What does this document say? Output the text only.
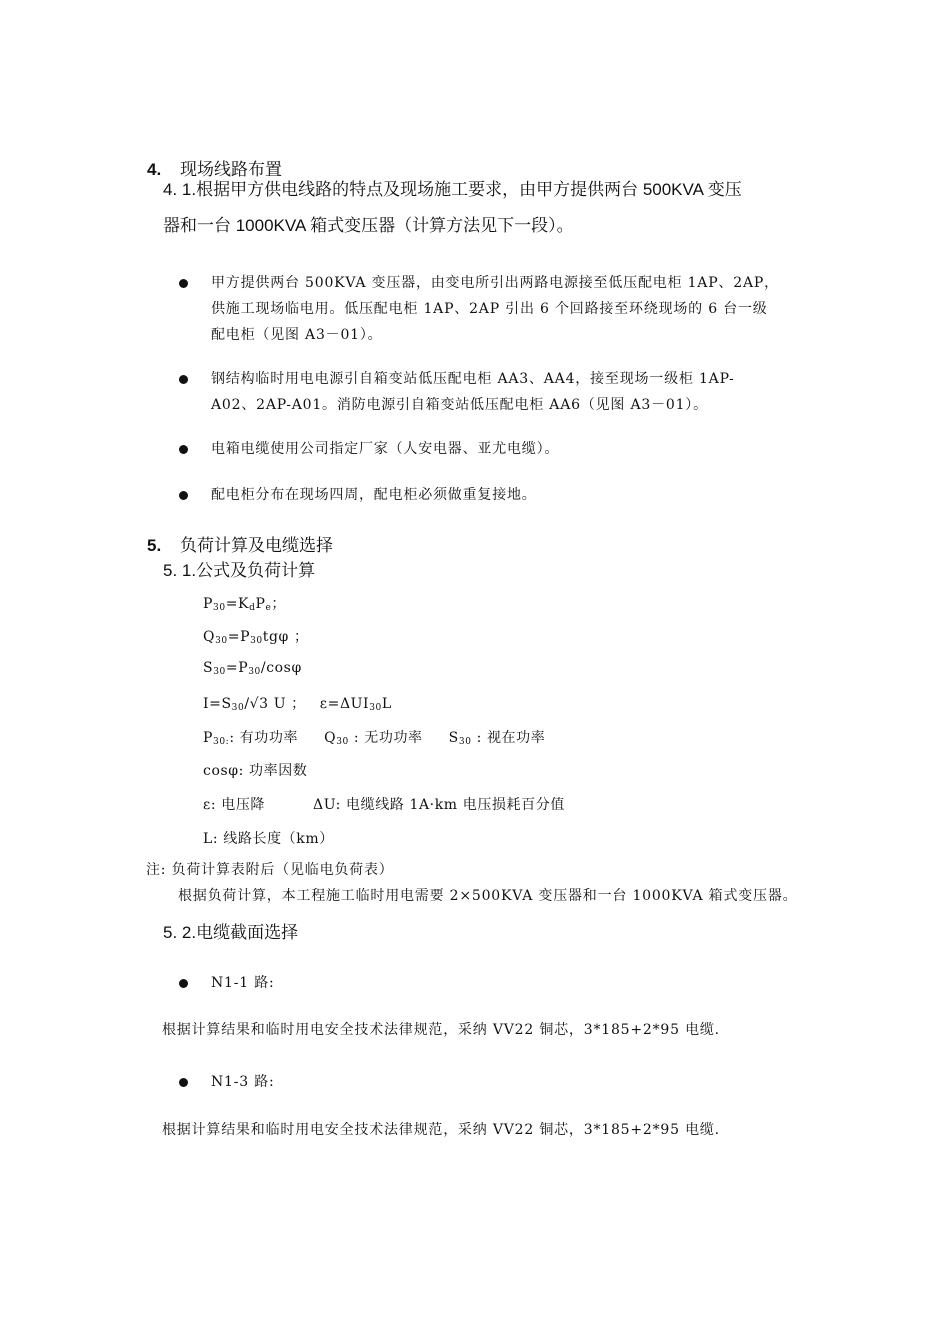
4. 现场线路布置
4. 1.根据甲方供电线路的特点及现场施工要求，由甲方提供两台 500KVA 变压
器和一台 1000KVA 箱式变压器（计算方法见下一段）。
甲方提供两台 500KVA 变压器，由变电所引出两路电源接至低压配电柜 1AP、2AP，
供施工现场临电用。低压配电柜 1AP、2AP 引出 6 个回路接至环绕现场的 6 台一级
配电柜（见图 A3－01）。
钢结构临时用电电源引自箱变站低压配电柜 AA3、AA4，接至现场一级柜 1AP-
A02、2AP-A01。消防电源引自箱变站低压配电柜 AA6（见图 A3－01）。
电箱电缆使用公司指定厂家（人安电器、亚尤电缆）。
配电柜分布在现场四周，配电柜必须做重复接地。
5. 负荷计算及电缆选择
5. 1.公式及负荷计算
$P_{30}=K_dP_e$；
$Q_{30}=P_{30}tg\varphi$ ；
$S_{30}=P_{30}$/cosφ
$I=S_{30}/√3$ U ； $\varepsilon=\Delta UI_{30}L$
$P_{30:}$: 有功功率 $Q_{30}$ : 无功功率 $S_{30}$ : 视在功率
cosφ: 功率因数
ε: 电压降	ΔU: 电缆线路 1A·km 电压损耗百分值
L: 线路长度（km）
注: 负荷计算表附后（见临电负荷表）
根据负荷计算，本工程施工临时用电需要 2×500KVA 变压器和一台 1000KVA 箱式变压器。
5. 2.电缆截面选择
N1-1 路:
根据计算结果和临时用电安全技术法律规范，采纳 VV22 铜芯，3*185+2*95 电缆.
N1-3 路:
根据计算结果和临时用电安全技术法律规范，采纳 VV22 铜芯，3*185+2*95 电缆.
